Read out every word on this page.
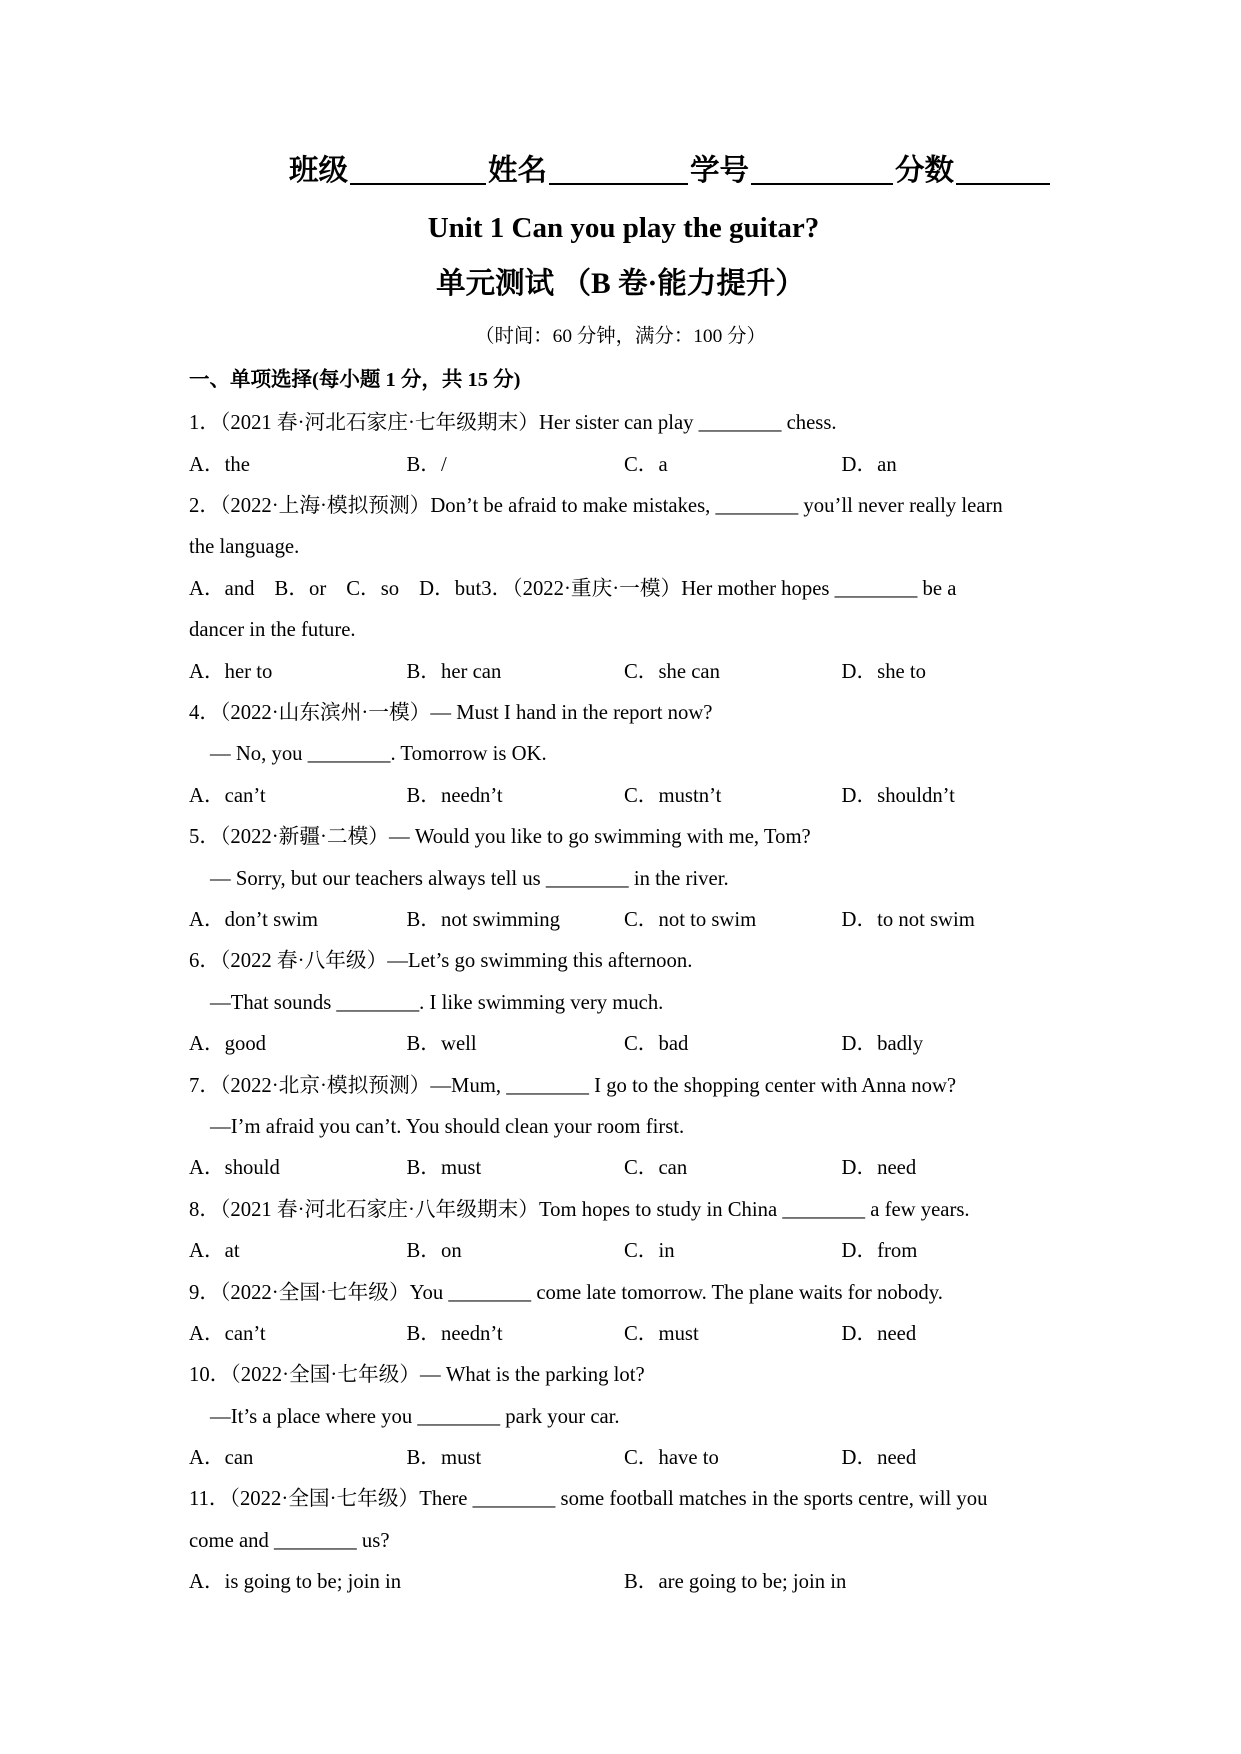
班级	姓名	学号	分数
Unit 1 Can you play the guitar?
单元测试 （B 卷·能力提升）
（时间：60 分钟，满分：100 分）
一、单项选择(每小题 1 分，共 15 分)
1．（2021 春·河北石家庄·七年级期末）Her sister can play ________ chess.
A．the	B．/	C．a	D．an
2．（2022·上海·模拟预测）Don’t be afraid to make mistakes, ________ you’ll never really learn
the language.
A．and B．or C．so D．but3．（2022·重庆·一模）Her mother hopes ________ be a
dancer in the future.
A．her to	B．her can	C．she can	D．she to
4．（2022·山东滨州·一模）— Must I hand in the report now?
— No, you ________. Tomorrow is OK.
A．can’t	B．needn’t	C．mustn’t	D．shouldn’t
5．（2022·新疆·二模）— Would you like to go swimming with me, Tom?
— Sorry, but our teachers always tell us ________ in the river.
A．don’t swim	B．not swimming	C．not to swim	D．to not swim
6．（2022 春·八年级）—Let’s go swimming this afternoon.
—That sounds ________. I like swimming very much.
A．good	B．well	C．bad	D．badly
7．（2022·北京·模拟预测）—Mum, ________ I go to the shopping center with Anna now?
—I’m afraid you can’t. You should clean your room first.
A．should	B．must	C．can	D．need
8．（2021 春·河北石家庄·八年级期末）Tom hopes to study in China ________ a few years.
A．at	B．on	C．in	D．from
9．（2022·全国·七年级）You ________ come late tomorrow. The plane waits for nobody.
A．can’t	B．needn’t	C．must	D．need
10．（2022·全国·七年级）— What is the parking lot?
—It’s a place where you ________ park your car.
A．can	B．must	C．have to	D．need
11．（2022·全国·七年级）There ________ some football matches in the sports centre, will you
come and ________ us?
A．is going to be; join in	B．are going to be; join in
